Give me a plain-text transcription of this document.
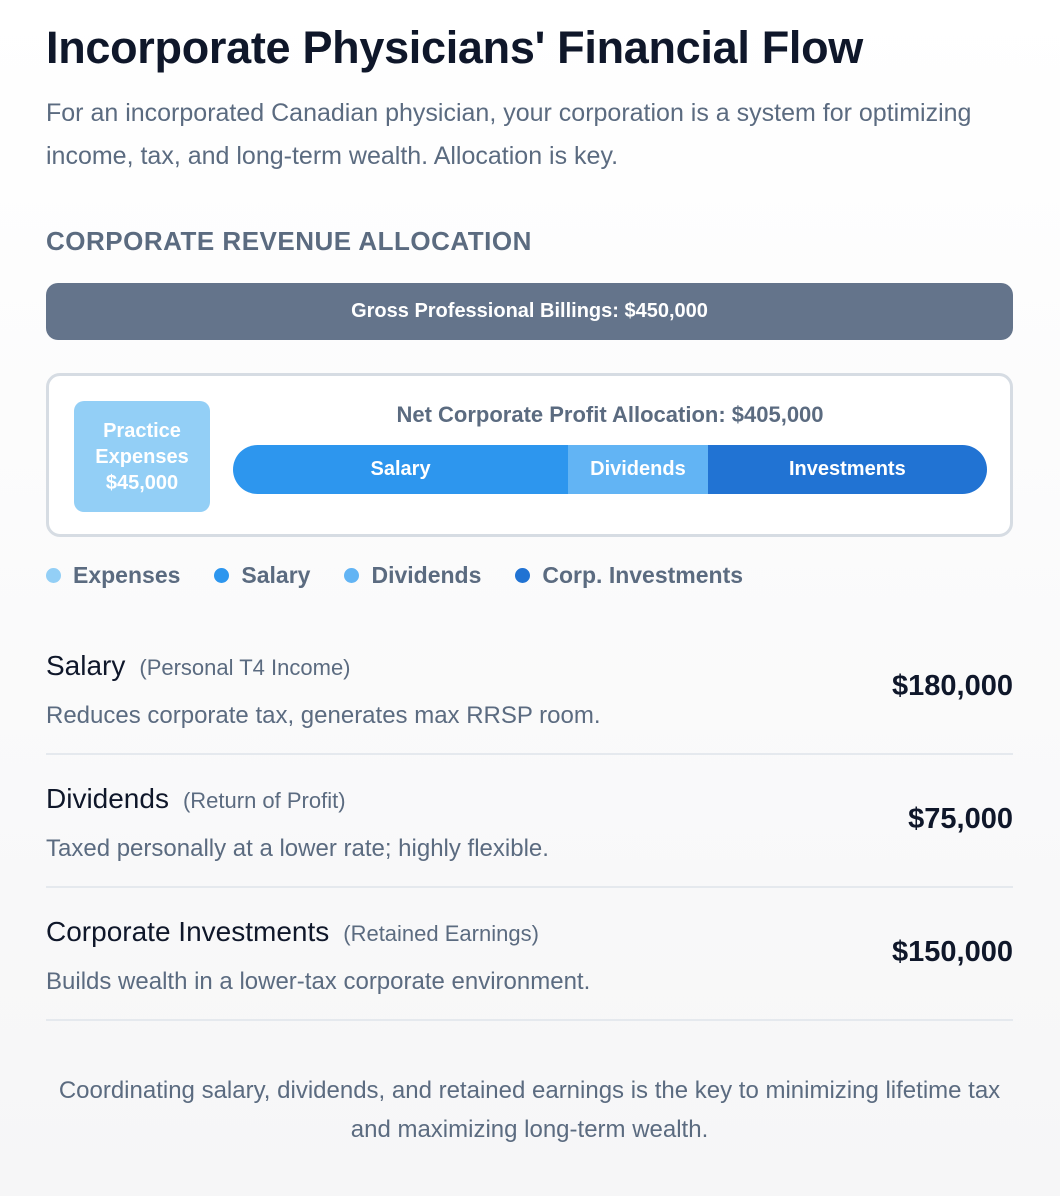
Incorporate Physicians' Financial Flow

For an incorporated Canadian physician, your corporation is a system for optimizing income, tax, and long-term wealth. Allocation is key.

CORPORATE REVENUE ALLOCATION
Gross Professional Billings: $450,000
Practice
Expenses
$45,000
Net Corporate Profit Allocation: $405,000
Salary	Dividends	Investments
Expenses	Salary	Dividends	Corp. Investments
Salary (Personal T4 Income)
Reduces corporate tax, generates max RRSP room.
$180,000
Dividends (Return of Profit)
Taxed personally at a lower rate; highly flexible.
$75,000
Corporate Investments (Retained Earnings)
Builds wealth in a lower-tax corporate environment.
$150,000

Coordinating salary, dividends, and retained earnings is the key to minimizing lifetime tax and maximizing long-term wealth.
